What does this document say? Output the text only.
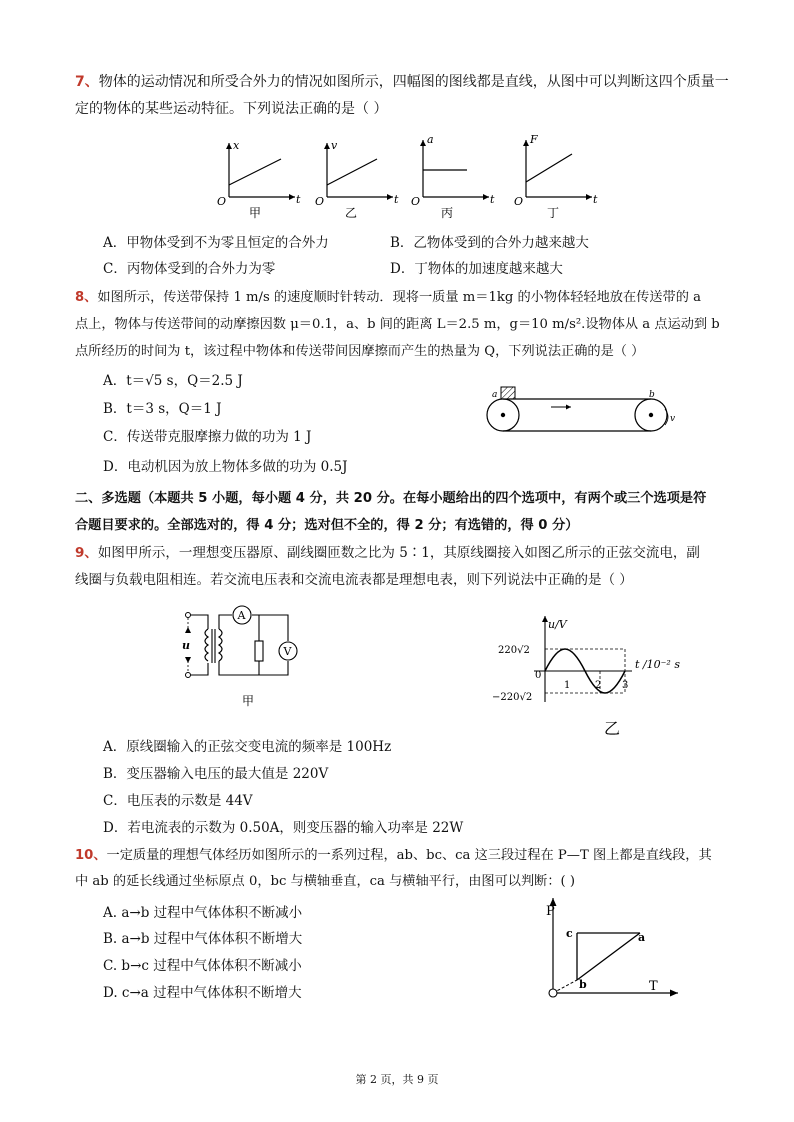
7、物体的运动情况和所受合外力的情况如图所示，四幅图的图线都是直线，从图中可以判断这四个质量一
定的物体的某些运动特征。下列说法正确的是（ ）
x
t
O
甲
v
t
O
乙
a
t
O
丙
F
t
O
丁
A．甲物体受到不为零且恒定的合外力	B．乙物体受到的合外力越来越大
C．丙物体受到的合外力为零	D．丁物体的加速度越来越大
8、如图所示，传送带保持 1 m/s 的速度顺时针转动．现将一质量 m＝1kg 的小物体轻轻地放在传送带的 a
点上，物体与传送带间的动摩擦因数 μ＝0.1，a、b 间的距离 L＝2.5 m，g＝10 m/s².设物体从 a 点运动到 b
点所经历的时间为 t，该过程中物体和传送带间因摩擦而产生的热量为 Q，下列说法正确的是（ ）
A．t＝√5 s，Q＝2.5 J
B．t＝3 s，Q＝1 J
C．传送带克服摩擦力做的功为 1 J
D．电动机因为放上物体多做的功为 0.5J
a	b
v
二、多选题（本题共 5 小题，每小题 4 分，共 20 分。在每小题给出的四个选项中，有两个或三个选项是符
合题目要求的。全部选对的，得 4 分；选对但不全的，得 2 分；有选错的，得 0 分）
9、如图甲所示，一理想变压器原、副线圈匝数之比为 5∶1，其原线圈接入如图乙所示的正弦交流电，副
线圈与负载电阻相连。若交流电压表和交流电流表都是理想电表，则下列说法中正确的是（ ）
u
A
V
甲
u/V
t /10⁻² s
220√2
−220√2
0
1 2 3
乙
A．原线圈输入的正弦交变电流的频率是 100Hz
B．变压器输入电压的最大值是 220V
C．电压表的示数是 44V
D．若电流表的示数为 0.50A，则变压器的输入功率是 22W
10、一定质量的理想气体经历如图所示的一系列过程，ab、bc、ca 这三段过程在 P—T 图上都是直线段，其
中 ab 的延长线通过坐标原点 0，bc 与横轴垂直，ca 与横轴平行，由图可以判断：( )
A. a→b 过程中气体体积不断减小
B. a→b 过程中气体体积不断增大
C. b→c 过程中气体体积不断减小
D. c→a 过程中气体体积不断增大
P
T
c	a
b
O
第 2 页，共 9 页
